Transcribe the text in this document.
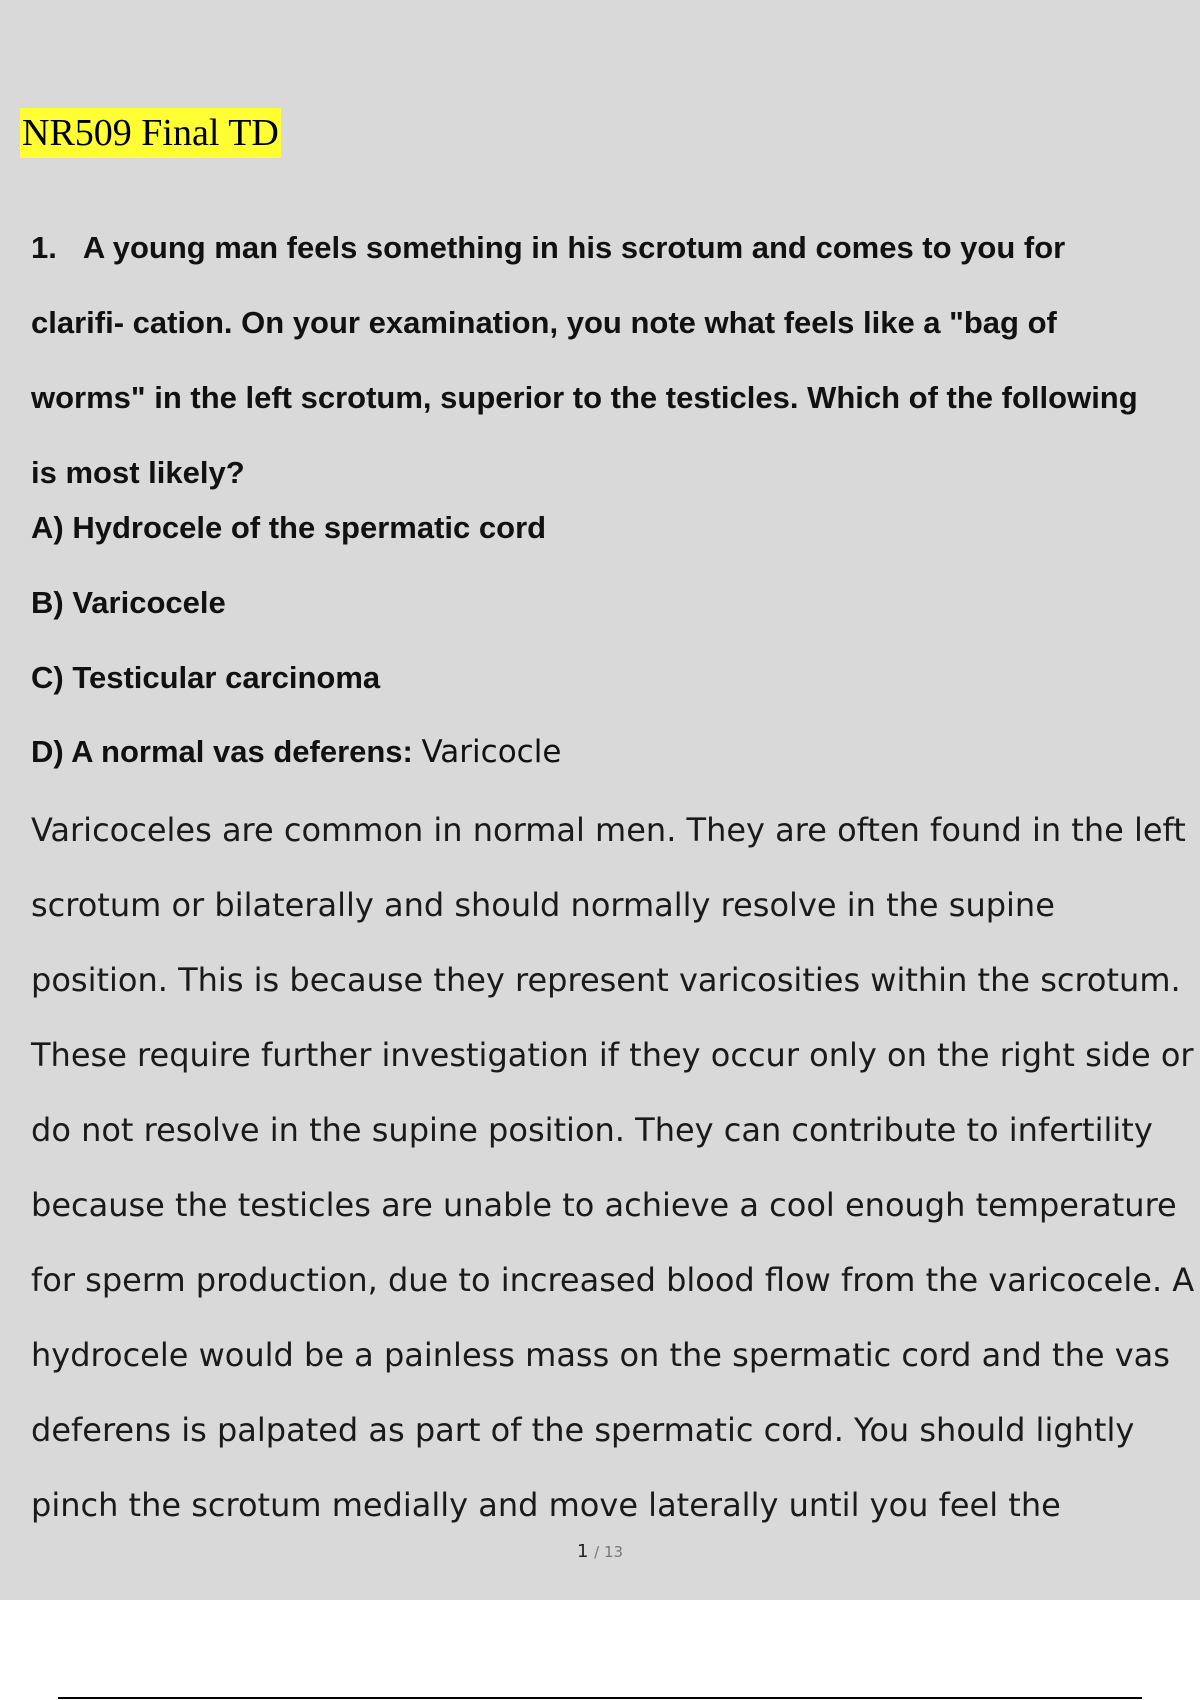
NR509 Final TD
1. A young man feels something in his scrotum and comes to you for
clarifi- cation. On your examination, you note what feels like a "bag of
worms" in the left scrotum, superior to the testicles. Which of the following
is most likely?
A) Hydrocele of the spermatic cord
B) Varicocele
C) Testicular carcinoma
D) A normal vas deferens: Varicocle
Varicoceles are common in normal men. They are often found in the left
scrotum or bilaterally and should normally resolve in the supine
position. This is because they represent varicosities within the scrotum.
These require further investigation if they occur only on the right side or
do not resolve in the supine position. They can contribute to infertility
because the testicles are unable to achieve a cool enough temperature
for sperm production, due to increased blood flow from the varicocele. A
hydrocele would be a painless mass on the spermatic cord and the vas
deferens is palpated as part of the spermatic cord. You should lightly
pinch the scrotum medially and move laterally until you feel the
1 / 13
